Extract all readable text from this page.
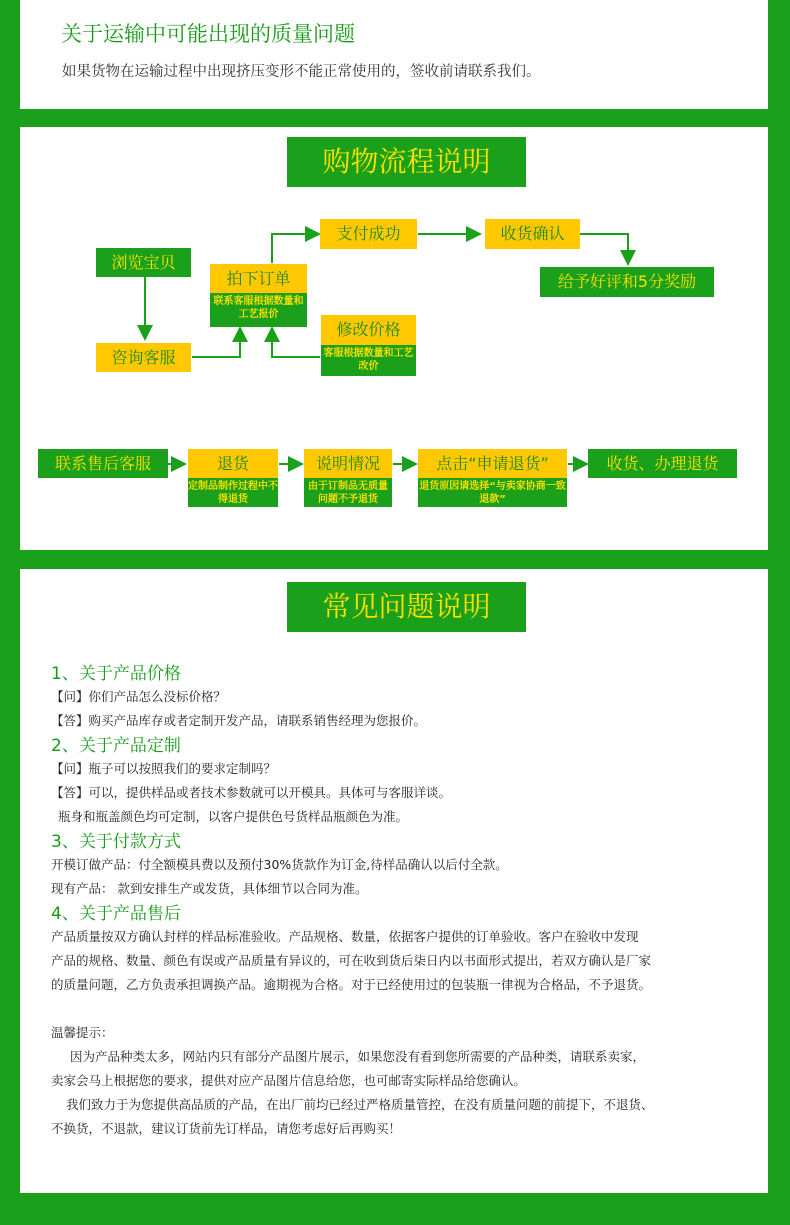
关于运输中可能出现的质量问题
如果货物在运输过程中出现挤压变形不能正常使用的，签收前请联系我们。
购物流程说明
浏览宝贝
咨询客服
拍下订单
联系客服根据数量和工艺报价
修改价格
客服根据数量和工艺改价
支付成功	收货确认
给予好评和5分奖励
联系售后客服	退货
定制品制作过程中不得退货
说明情况
由于订制品无质量问题不予退货
点击“申请退货”
退货原因请选择“与卖家协商一致退款”
收货、办理退货
常见问题说明
1、关于产品价格
【问】你们产品怎么没标价格？
【答】购买产品库存或者定制开发产品，请联系销售经理为您报价。
2、关于产品定制
【问】瓶子可以按照我们的要求定制吗？
【答】可以，提供样品或者技术参数就可以开模具。具体可与客服详谈。
瓶身和瓶盖颜色均可定制，以客户提供色号货样品瓶颜色为准。
3、关于付款方式
开模订做产品：付全额模具费以及预付30%货款作为订金,待样品确认以后付全款。
现有产品： 款到安排生产或发货，具体细节以合同为准。
4、关于产品售后
产品质量按双方确认封样的样品标准验收。产品规格、数量，依据客户提供的订单验收。客户在验收中发现
产品的规格、数量、颜色有误或产品质量有异议的，可在收到货后柒日内以书面形式提出，若双方确认是厂家
的质量问题，乙方负责承担调换产品。逾期视为合格。对于已经使用过的包装瓶一律视为合格品，不予退货。
温馨提示：
因为产品种类太多，网站内只有部分产品图片展示，如果您没有看到您所需要的产品种类，请联系卖家，
卖家会马上根据您的要求，提供对应产品图片信息给您，也可邮寄实际样品给您确认。
我们致力于为您提供高品质的产品，在出厂前均已经过严格质量管控，在没有质量问题的前提下，不退货、
不换货，不退款，建议订货前先订样品，请您考虑好后再购买！
